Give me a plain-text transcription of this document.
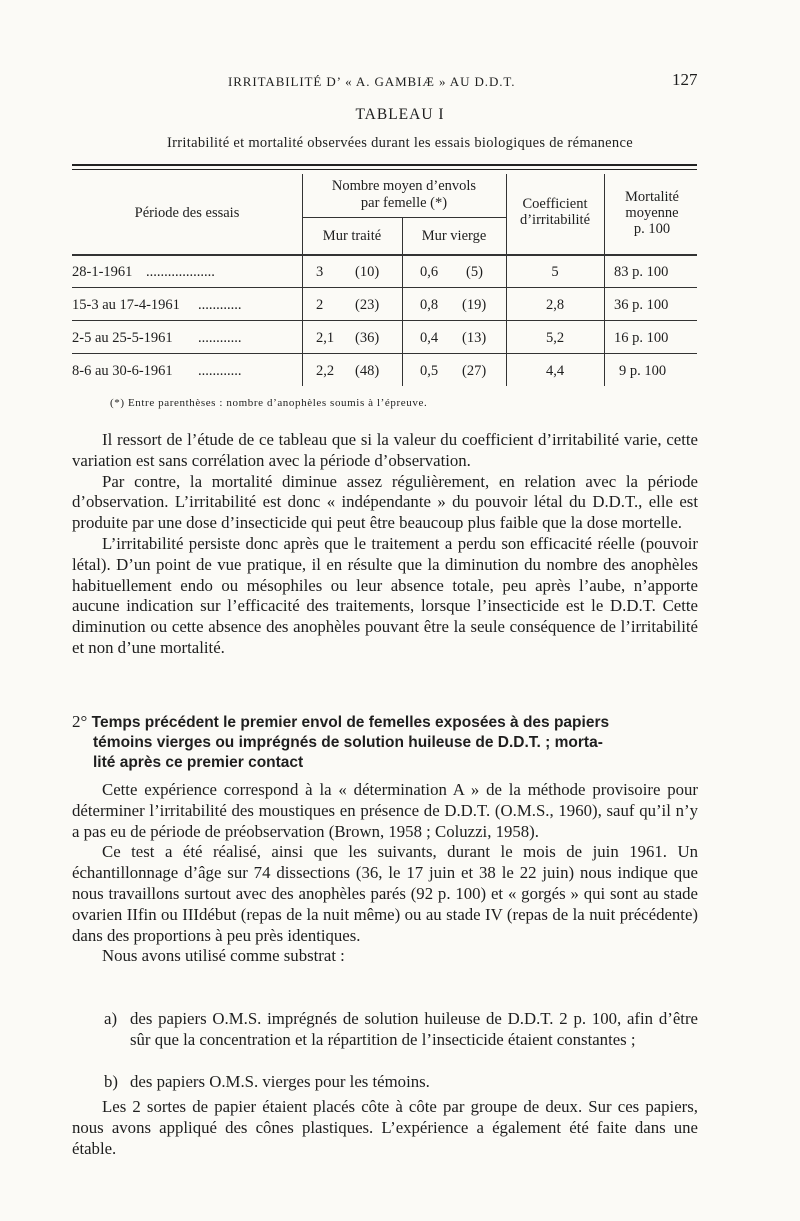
IRRITABILITÉ D’ « A. GAMBIÆ » AU D.D.T.	127
TABLEAU I
Irritabilité et mortalité observées durant les essais biologiques de rémanence
Période des essais
Nombre moyen d’envols
par femelle (*)
Mur traité	Mur vierge
Coefficient
d’irritabilité
Mortalité
moyenne
p. 100
28-1-1961 ...................	3 (10)	0,6 (5)	5	83 p. 100
15-3 au 17-4-1961 ............	2 (23)	0,8 (19)	2,8	36 p. 100
2-5 au 25-5-1961 ............	2,1 (36)	0,4 (13)	5,2	16 p. 100
8-6 au 30-6-1961 ............	2,2 (48)	0,5 (27)	4,4	9 p. 100
(*) Entre parenthèses : nombre d’anophèles soumis à l’épreuve.

Il ressort de l’étude de ce tableau que si la valeur du coefficient d’irritabilité varie, cette variation est sans corrélation avec la période d’observation.

Par contre, la mortalité diminue assez régulièrement, en relation avec la période d’observation. L’irritabilité est donc « indépendante » du pouvoir létal du D.D.T., elle est produite par une dose d’insecticide qui peut être beaucoup plus faible que la dose mortelle.

L’irritabilité persiste donc après que le traitement a perdu son efficacité réelle (pouvoir létal). D’un point de vue pratique, il en résulte que la diminution du nombre des anophèles habituellement endo ou mésophiles ou leur absence totale, peu après l’aube, n’apporte aucune indication sur l’efficacité des traitements, lorsque l’insecticide est le D.D.T. Cette diminution ou cette absence des anophèles pouvant être la seule conséquence de l’irritabilité et non d’une mortalité.

2° Temps précédent le premier envol de femelles exposées à des papiers
témoins vierges ou imprégnés de solution huileuse de D.D.T. ; morta-
lité après ce premier contact

Cette expérience correspond à la « détermination A » de la méthode provisoire pour déterminer l’irritabilité des moustiques en présence de D.D.T. (O.M.S., 1960), sauf qu’il n’y a pas eu de période de préobservation (Brown, 1958 ; Coluzzi, 1958).

Ce test a été réalisé, ainsi que les suivants, durant le mois de juin 1961. Un échantillonnage d’âge sur 74 dissections (36, le 17 juin et 38 le 22 juin) nous indique que nous travaillons surtout avec des anophèles parés (92 p. 100) et « gorgés » qui sont au stade ovarien IIfin ou IIIdébut (repas de la nuit même) ou au stade IV (repas de la nuit précédente) dans des proportions à peu près identiques.

Nous avons utilisé comme substrat :

a) des papiers O.M.S. imprégnés de solution huileuse de D.D.T. 2 p. 100, afin d’être sûr que la concentration et la répartition de l’insecticide étaient constantes ;
b) des papiers O.M.S. vierges pour les témoins.

Les 2 sortes de papier étaient placés côte à côte par groupe de deux. Sur ces papiers, nous avons appliqué des cônes plastiques. L’expérience a également été faite dans une étable.
